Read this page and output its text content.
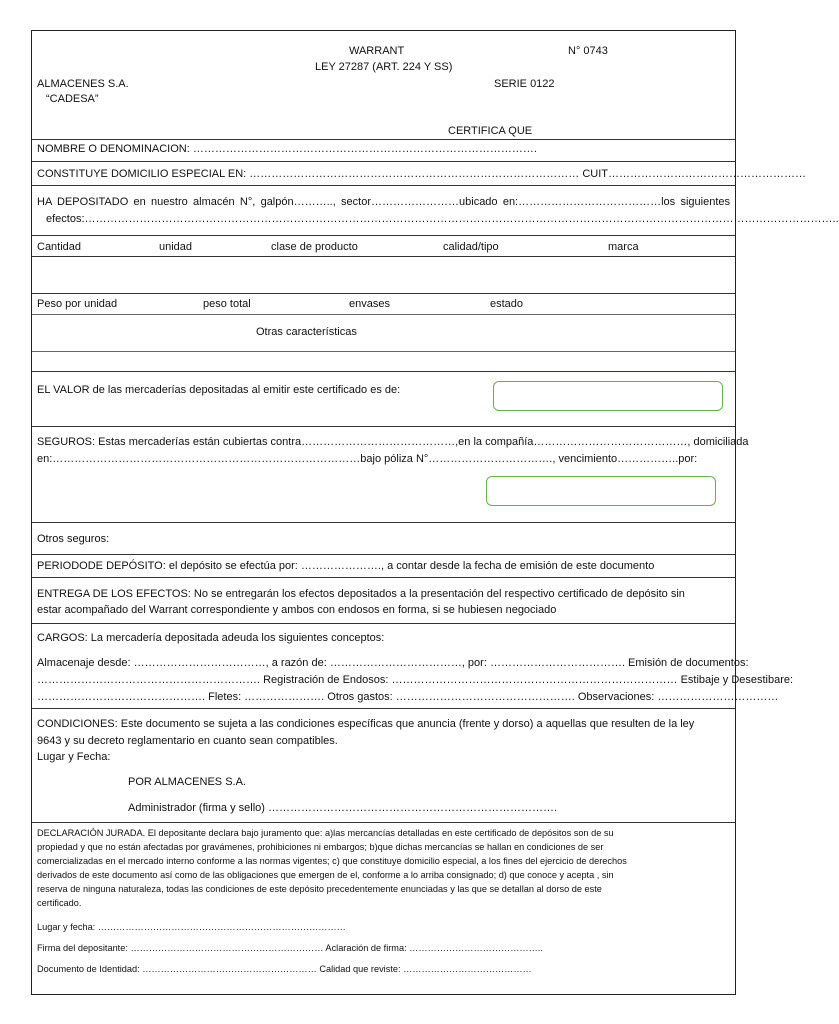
WARRANT	N° 0743
LEY 27287 (ART. 224 Y SS)
ALMACENES S.A.	SERIE 0122
“CADESA”
CERTIFICA QUE
NOMBRE O DENOMINACION: ………………………………………………………………………………….
CONSTITUYE DOMICILIO ESPECIAL EN: ……………………………………………………………………………… CUIT………………………………………………
HA DEPOSITADO en nuestro almacén N°, galpón……….., sector……………………ubicado en:…………………………………los siguientes
efectos:……………………………………………………………………………………………………………………………………………………………………………………..
Cantidad	unidad	clase de producto	calidad/tipo	marca
Peso por unidad	peso total	envases	estado
Otras características
EL VALOR de las mercaderías depositadas al emitir este certificado es de:
SEGUROS: Estas mercaderías están cubiertas contra……………………………………,en la compañía……………………………………, domiciliada
en:…………………………………………………………………………bajo póliza N°……………………………., vencimiento……………..por:
Otros seguros:
PERIODODE DEPÓSITO: el depósito se efectúa por: …………………., a contar desde la fecha de emisión de este documento
ENTREGA DE LOS EFECTOS: No se entregarán los efectos depositados a la presentación del respectivo certificado de depósito sin
estar acompañado del Warrant correspondiente y ambos con endosos en forma, si se hubiesen negociado
CARGOS: La mercadería depositada adeuda los siguientes conceptos:
Almacenaje desde: ………………………………, a razón de: ………………………………, por: ………………………………. Emisión de documentos:
……………………………………………………. Registración de Endosos: …………………………………………………………………… Estibaje y Desestibare:
………………………………………. Fletes: …………………. Otros gastos: …………………………………………. Observaciones: ……………………………
CONDICIONES: Este documento se sujeta a las condiciones específicas que anuncia (frente y dorso) a aquellas que resulten de la ley
9643 y su decreto reglamentario en cuanto sean compatibles.
Lugar y Fecha:
POR ALMACENES S.A.
Administrador (firma y sello) …………………………………………………………………….
DECLARACIÓN JURADA. El depositante declara bajo juramento que: a)las mercancías detalladas en este certificado de depósitos son de su
propiedad y que no están afectadas por gravámenes, prohibiciones ni embargos; b)que dichas mercancías se hallan en condiciones de ser
comercializadas en el mercado interno conforme a las normas vigentes; c) que constituye domicilio especial, a los fines del ejercicio de derechos
derivados de este documento así como de las obligaciones que emergen de el, conforme a lo arriba consignado; d) que conoce y acepta , sin
reserva de ninguna naturaleza, todas las condiciones de este depósito precedentemente enunciadas y las que se detallan al dorso de este
certificado.
Lugar y fecha: ………………………………………………………………………
Firma del depositante: ……………………………………………………… Aclaración de firma: ……………………………………..
Documento de Identidad: ………………………………………………… Calidad que reviste: ……………………………………
